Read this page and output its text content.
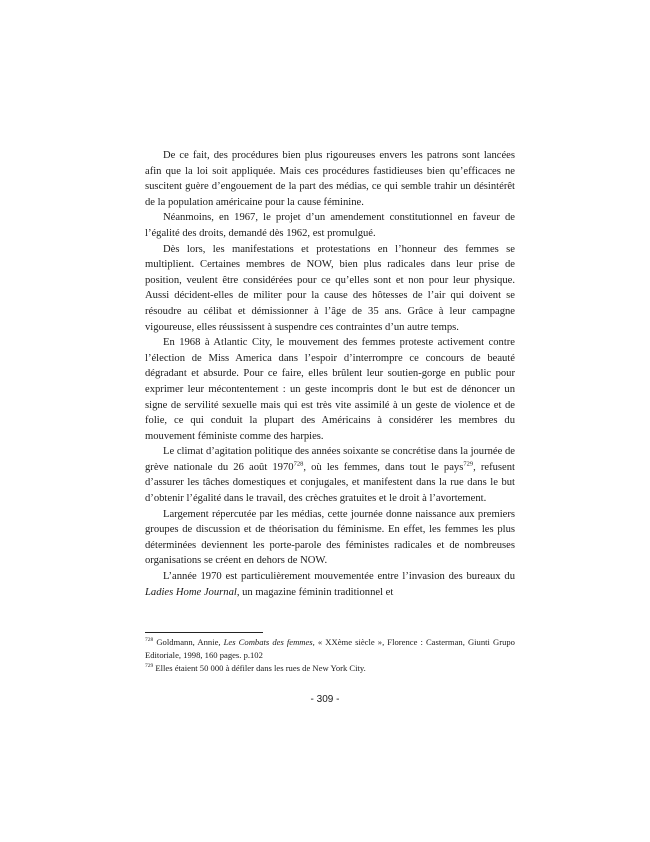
De ce fait, des procédures bien plus rigoureuses envers les patrons sont lancées afin que la loi soit appliquée. Mais ces procédures fastidieuses bien qu’efficaces ne suscitent guère d’engouement de la part des médias, ce qui semble trahir un désintérêt de la population américaine pour la cause féminine.

Néanmoins, en 1967, le projet d’un amendement constitutionnel en faveur de l’égalité des droits, demandé dès 1962, est promulgué.

Dès lors, les manifestations et protestations en l’honneur des femmes se multiplient. Certaines membres de NOW, bien plus radicales dans leur prise de position, veulent être considérées pour ce qu’elles sont et non pour leur physique. Aussi décident-elles de militer pour la cause des hôtesses de l’air qui doivent se résoudre au célibat et démissionner à l’âge de 35 ans. Grâce à leur campagne vigoureuse, elles réussissent à suspendre ces contraintes d’un autre temps.

En 1968 à Atlantic City, le mouvement des femmes proteste activement contre l’élection de Miss America dans l’espoir d’interrompre ce concours de beauté dégradant et absurde. Pour ce faire, elles brûlent leur soutien-gorge en public pour exprimer leur mécontentement : un geste incompris dont le but est de dénoncer un signe de servilité sexuelle mais qui est très vite assimilé à un geste de violence et de folie, ce qui conduit la plupart des Américains à considérer les membres du mouvement féministe comme des harpies.

Le climat d’agitation politique des années soixante se concrétise dans la journée de grève nationale du 26 août 1970$^{728}$, où les femmes, dans tout le pays$^{729}$, refusent d’assurer les tâches domestiques et conjugales, et manifestent dans la rue dans le but d’obtenir l’égalité dans le travail, des crèches gratuites et le droit à l’avortement.

Largement répercutée par les médias, cette journée donne naissance aux premiers groupes de discussion et de théorisation du féminisme. En effet, les femmes les plus déterminées deviennent les porte-parole des féministes radicales et de nombreuses organisations se créent en dehors de NOW.

L’année 1970 est particulièrement mouvementée entre l’invasion des bureaux du Ladies Home Journal, un magazine féminin traditionnel et

$^{728}$ Goldmann, Annie, Les Combats des femmes, « XXème siècle », Florence : Casterman, Giunti Grupo Editoriale, 1998, 160 pages. p.102

$^{729}$ Elles étaient 50 000 à défiler dans les rues de New York City.

- 309 -
